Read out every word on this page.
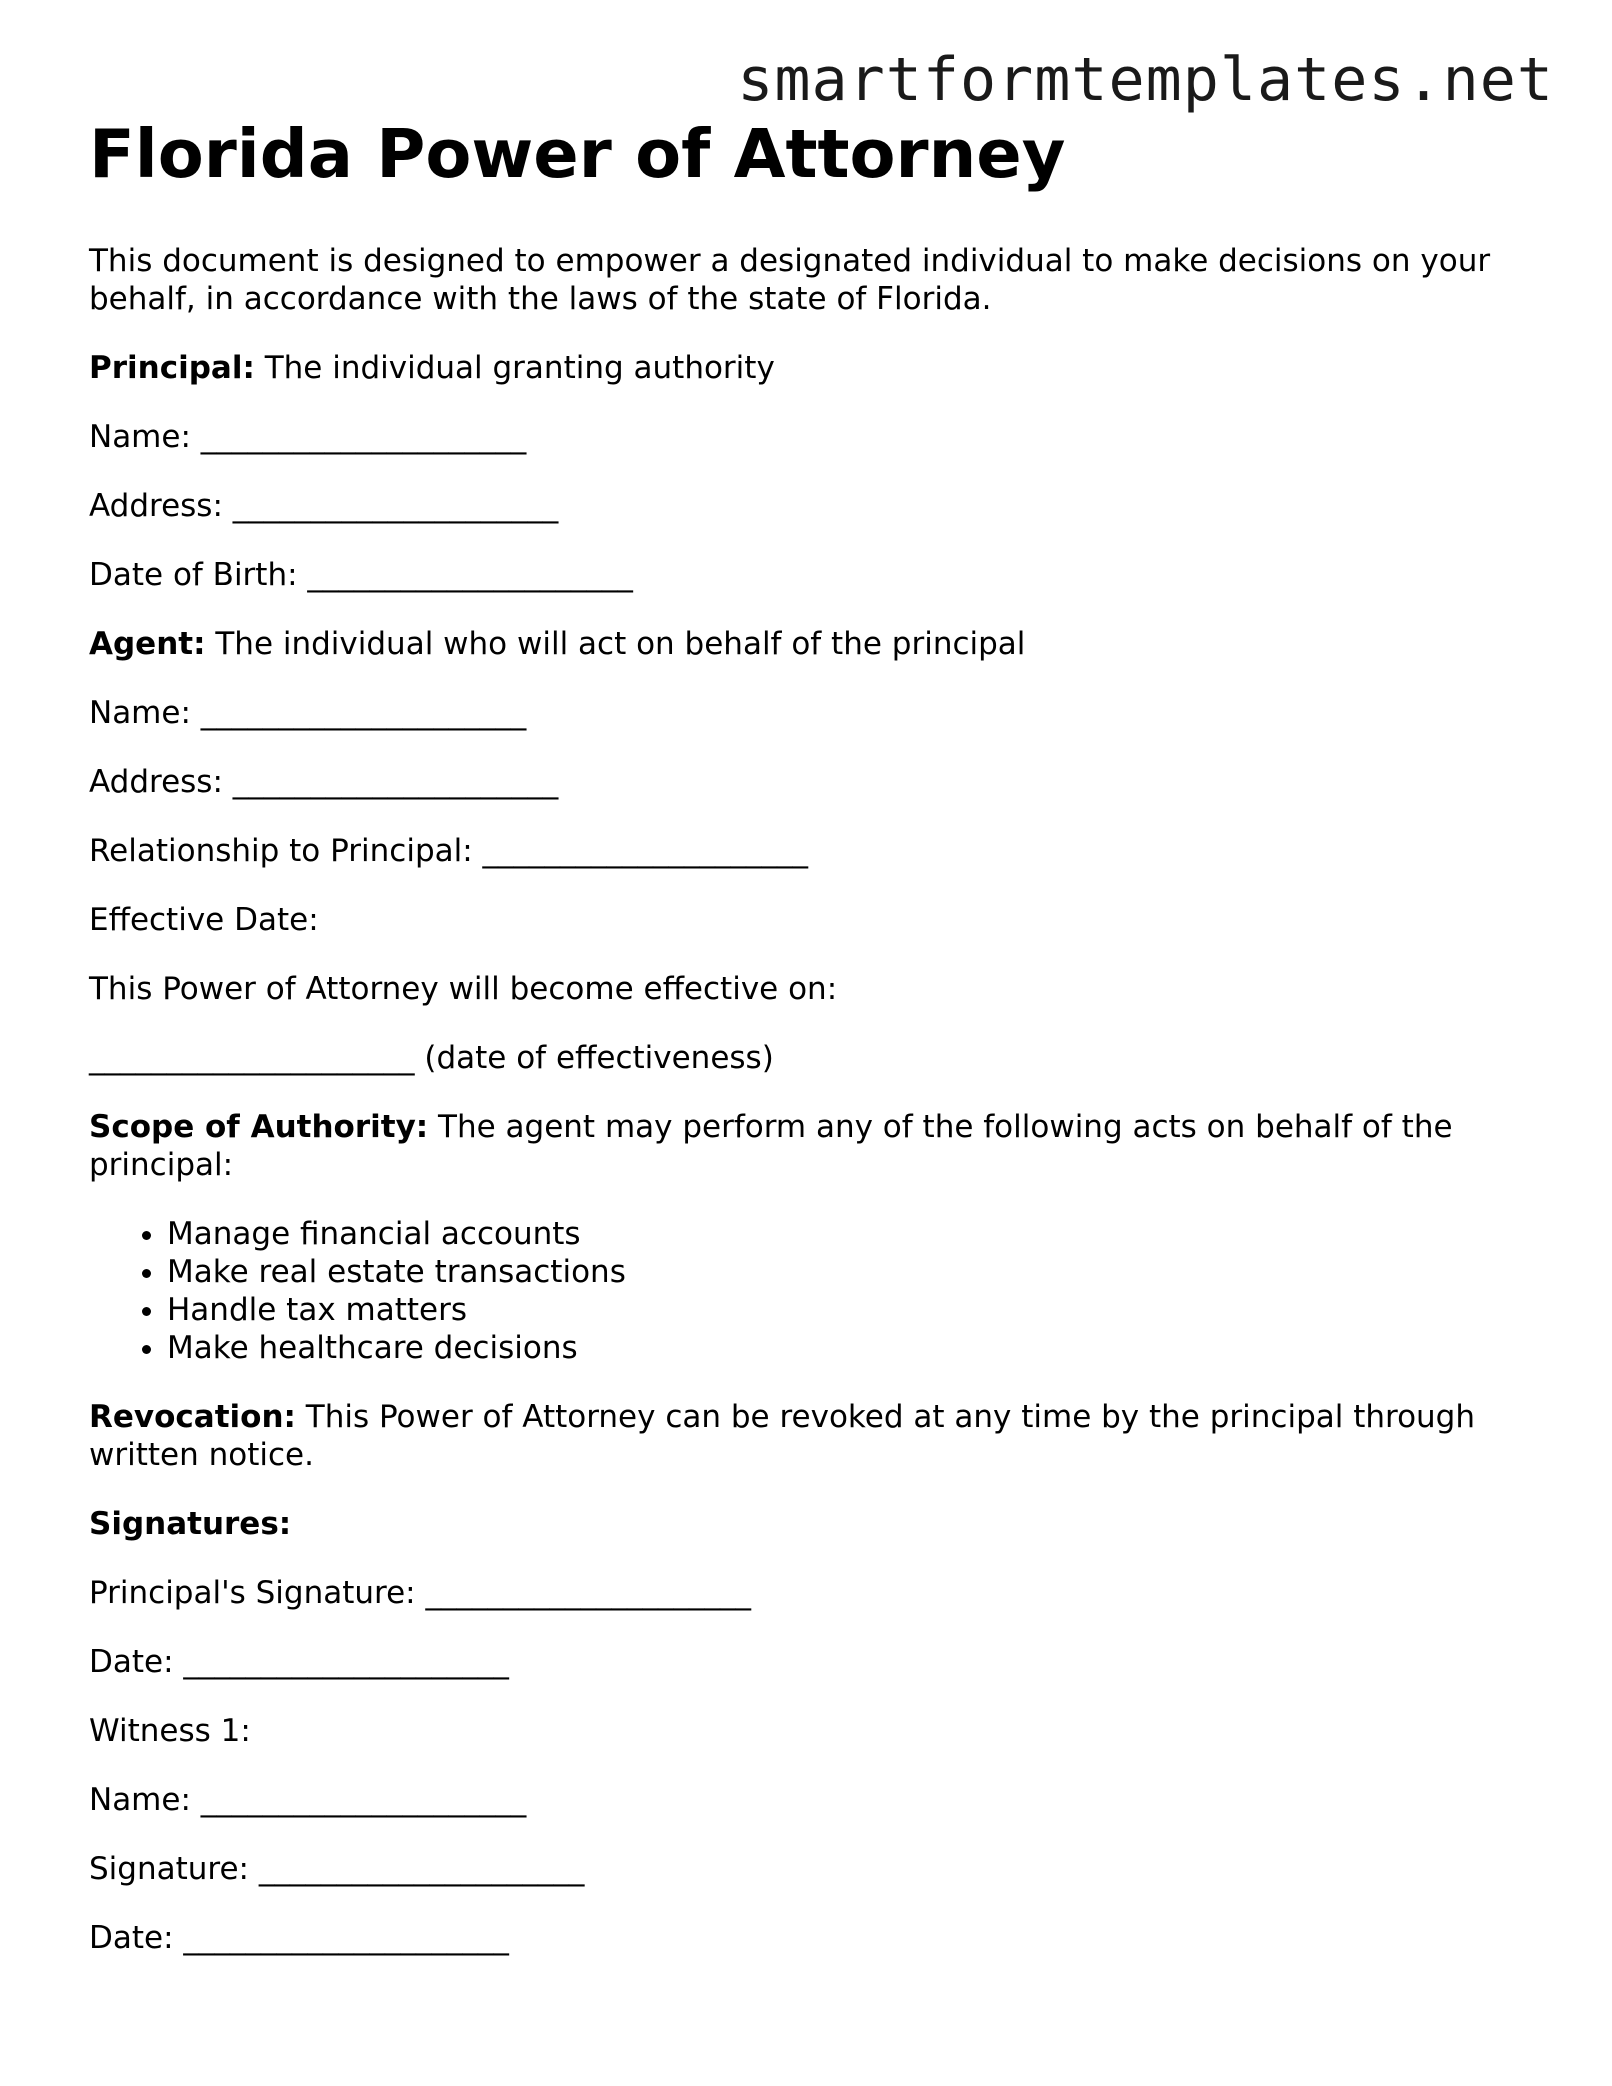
smartformtemplates.net
Florida Power of Attorney

This document is designed to empower a designated individual to make decisions on your behalf, in accordance with the laws of the state of Florida.

Principal: The individual granting authority

Name: _____________________

Address: _____________________

Date of Birth: _____________________

Agent: The individual who will act on behalf of the principal

Name: _____________________

Address: _____________________

Relationship to Principal: _____________________

Effective Date:

This Power of Attorney will become effective on:

_____________________ (date of effectiveness)

Scope of Authority: The agent may perform any of the following acts on behalf of the principal:

• Manage financial accounts
• Make real estate transactions
• Handle tax matters
• Make healthcare decisions

Revocation: This Power of Attorney can be revoked at any time by the principal through written notice.

Signatures:

Principal's Signature: _____________________

Date: _____________________

Witness 1:

Name: _____________________

Signature: _____________________

Date: _____________________
